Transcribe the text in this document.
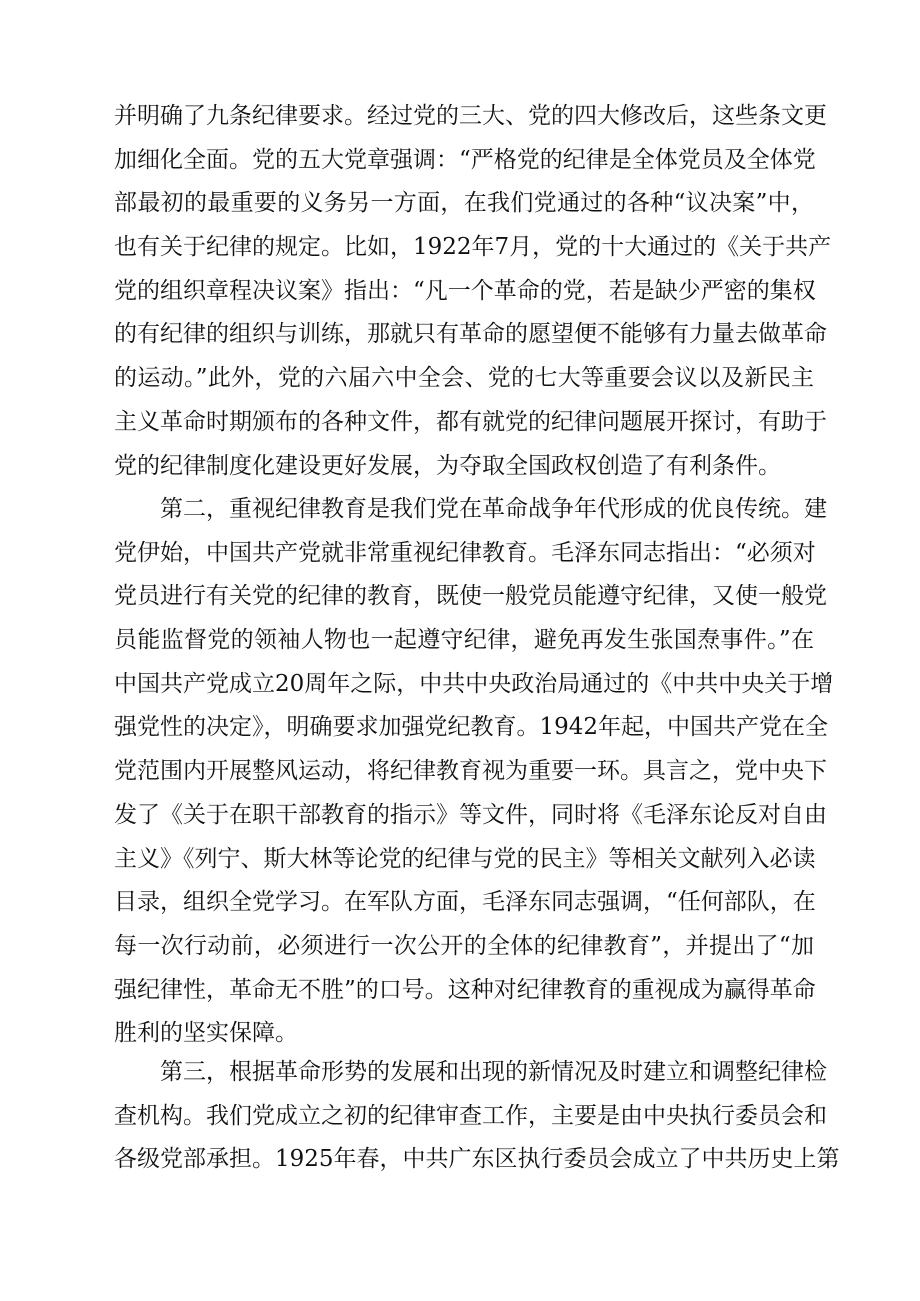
并明确了九条纪律要求。经过党的三大、党的四大修改后，这些条文更
加细化全面。党的五大党章强调：“严格党的纪律是全体党员及全体党
部最初的最重要的义务另一方面，在我们党通过的各种“议决案”中，
也有关于纪律的规定。比如，1922年7月，党的十大通过的《关于共产
党的组织章程决议案》指出：“凡一个革命的党，若是缺少严密的集权
的有纪律的组织与训练，那就只有革命的愿望便不能够有力量去做革命
的运动。”此外，党的六届六中全会、党的七大等重要会议以及新民主
主义革命时期颁布的各种文件，都有就党的纪律问题展开探讨，有助于
党的纪律制度化建设更好发展，为夺取全国政权创造了有利条件。
第二，重视纪律教育是我们党在革命战争年代形成的优良传统。建
党伊始，中国共产党就非常重视纪律教育。毛泽东同志指出：“必须对
党员进行有关党的纪律的教育，既使一般党员能遵守纪律，又使一般党
员能监督党的领袖人物也一起遵守纪律，避免再发生张国焘事件。”在
中国共产党成立20周年之际，中共中央政治局通过的《中共中央关于增
强党性的决定》，明确要求加强党纪教育。1942年起，中国共产党在全
党范围内开展整风运动，将纪律教育视为重要一环。具言之，党中央下
发了《关于在职干部教育的指示》等文件，同时将《毛泽东论反对自由
主义》《列宁、斯大林等论党的纪律与党的民主》等相关文献列入必读
目录，组织全党学习。在军队方面，毛泽东同志强调，“任何部队，在
每一次行动前，必须进行一次公开的全体的纪律教育”，并提出了“加
强纪律性，革命无不胜”的口号。这种对纪律教育的重视成为赢得革命
胜利的坚实保障。
第三，根据革命形势的发展和出现的新情况及时建立和调整纪律检
查机构。我们党成立之初的纪律审查工作，主要是由中央执行委员会和
各级党部承担。1925年春，中共广东区执行委员会成立了中共历史上第
